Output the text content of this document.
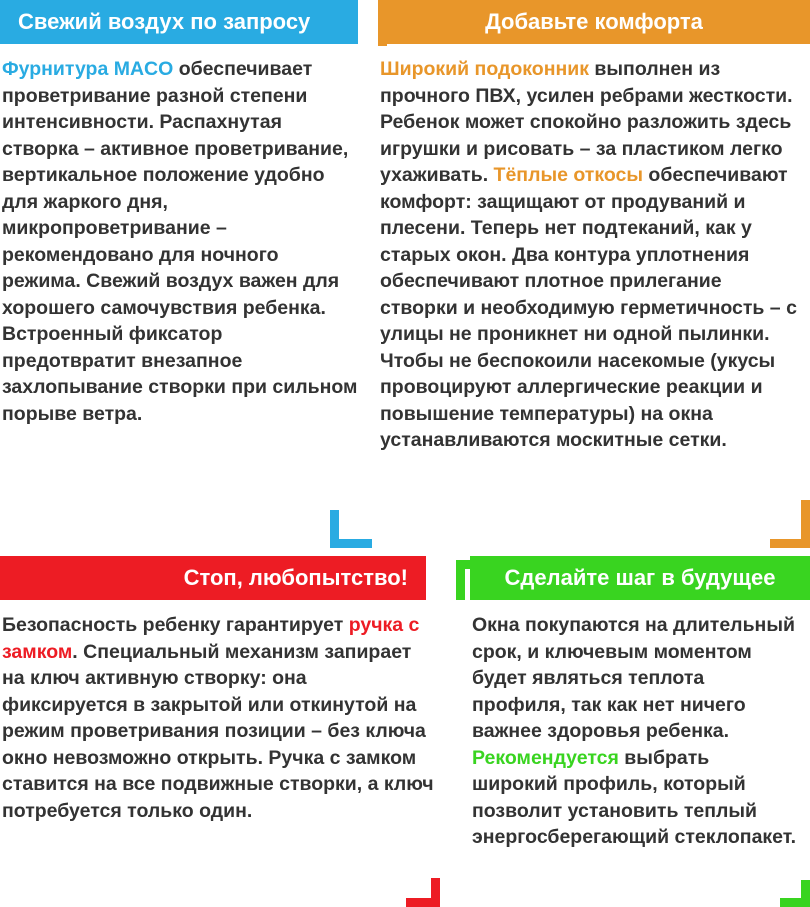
Свежий воздух по запросу
Фурнитура MACO обеспечивает проветривание разной степени интенсивности. Распахнутая створка – активное проветривание, вертикальное положение удобно для жаркого дня, микропроветривание – рекомендовано для ночного режима. Свежий воздух важен для хорошего самочувствия ребенка. Встроенный фиксатор предотвратит внезапное захлопывание створки при сильном порыве ветра.
Добавьте комфорта
Широкий подоконник выполнен из прочного ПВХ, усилен ребрами жесткости. Ребенок может спокойно разложить здесь игрушки и рисовать – за пластиком легко ухаживать. Тёплые откосы обеспечивают комфорт: защищают от продуваний и плесени. Теперь нет подтеканий, как у старых окон. Два контура уплотнения обеспечивают плотное прилегание створки и необходимую герметичность – с улицы не проникнет ни одной пылинки. Чтобы не беспокоили насекомые (укусы провоцируют аллергические реакции и повышение температуры) на окна устанавливаются москитные сетки.
Стоп, любопытство!
Безопасность ребенку гарантирует ручка с замком. Специальный механизм запирает на ключ активную створку: она фиксируется в закрытой или откинутой на режим проветривания позиции – без ключа окно невозможно открыть. Ручка с замком ставится на все подвижные створки, а ключ потребуется только один.
Сделайте шаг в будущее
Окна покупаются на длительный срок, и ключевым моментом будет являться теплота профиля, так как нет ничего важнее здоровья ребенка. Рекомендуется выбрать широкий профиль, который позволит установить теплый энергосберегающий стеклопакет.
